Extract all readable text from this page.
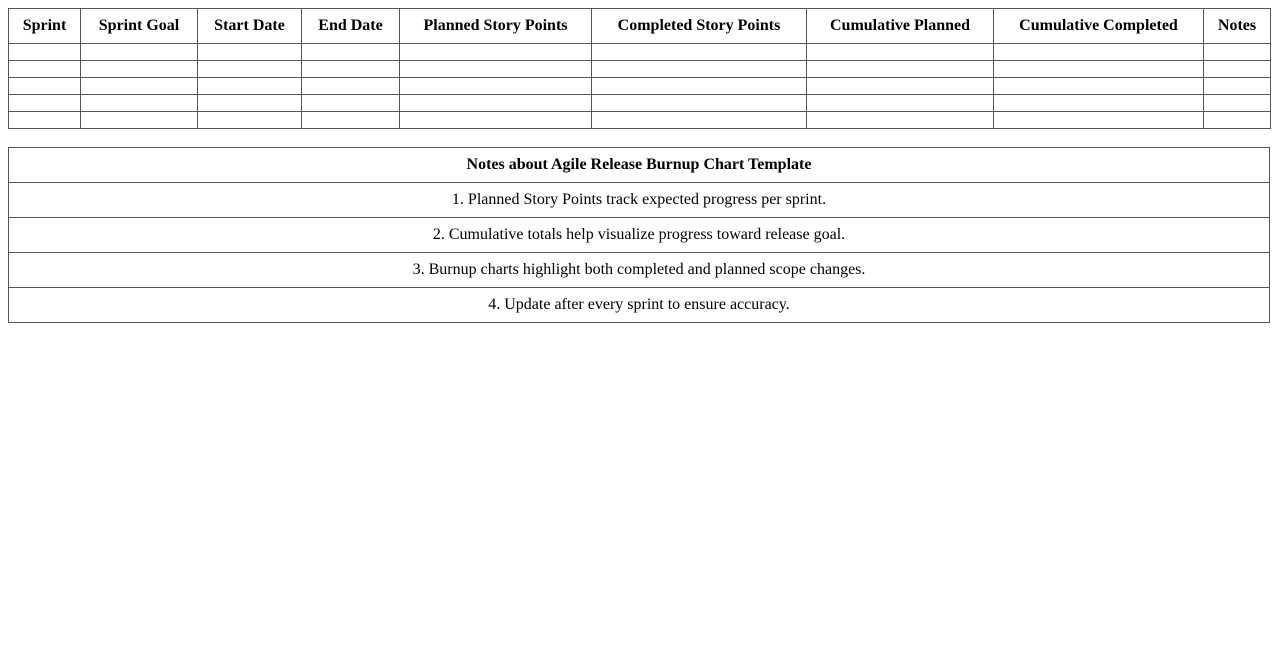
Sprint	Sprint Goal	Start Date	End Date	Planned Story Points	Completed Story Points	Cumulative Planned	Cumulative Completed	Notes

Notes about Agile Release Burnup Chart Template
1. Planned Story Points track expected progress per sprint.
2. Cumulative totals help visualize progress toward release goal.
3. Burnup charts highlight both completed and planned scope changes.
4. Update after every sprint to ensure accuracy.
